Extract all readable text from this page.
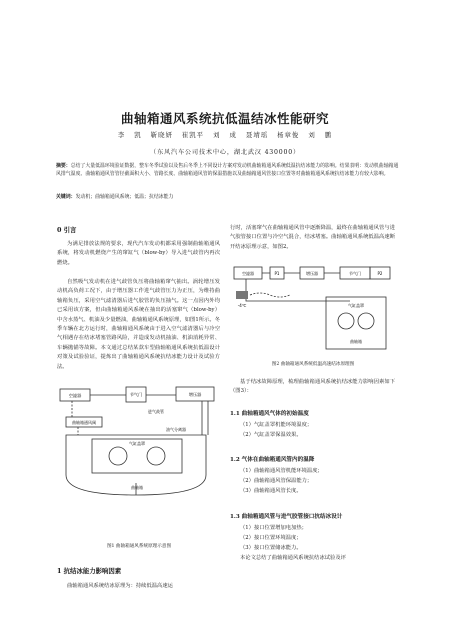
曲轴箱通风系统抗低温结冰性能研究
李 凯 靳晓妍 崔凯平 刘 成 聂靖瑶 杨章俊 刘 鹏
（东风汽车公司技术中心，湖北武汉 430000）
摘要：总结了大量低温环境验证数据，整车冬季试验以及售后冬季上不同设计方案对发动机曲轴箱通风系统低温抗结冰能力的影响。结果表明：发动机曲轴箱通风排气温度、曲轴箱通风管管径截面积大小、管路长度、曲轴箱通风管的保温措施以及曲轴箱通风管接口位置等对曲轴箱通风系统抗结冰能力有较大影响。
关键词：发动机；曲轴箱通风系统；低温；抗结冰能力
0 引言
为满足排放法规的要求，现代汽车发动机都采用强制曲轴箱通风系统，将发动机燃烧产生的窜缸气（blow-by）导入进气歧管内再次燃烧。
自然吸气发动机在进气歧管负压将曲轴箱窜气抽出。涡轮增压发动机高负荷工况下，由于增压器工作进气歧管压力为正压，为维持曲轴箱负压，采用空气滤清器后进气胶管的负压抽气。这一点因内外均已采用该方案，但由曲轴箱通风系统在抽出的活塞窜气（blow-by）中含水蒸气、机油及少量燃油，曲轴箱通风系统原理，如图1所示。冬季车辆在北方运行时，曲轴箱通风系统由于进入空气滤清器后与冷空气相遇存在结冰堵塞管路风险，并造成发动机抽油、机油消耗异常、车辆抛锚等故障。本文通过总结某款车型曲轴箱通风系统抗低温设计对策及试验验证，提炼出了曲轴箱通风系统抗结冰能力设计及试验方法。
空滤器	节气门	增压器
曲轴箱通风阀
进气歧管
油气分离器
曲轴箱
气缸盖罩
图1 曲轴箱通风系统原理示意图
1 抗结冰能力影响因素
曲轴箱通风系统结冰原理为：持续低温高速运
行时，活塞窜气在曲轴箱通风管中逐渐降温，最终在曲轴箱通风管与进气胶管接口位置与冷空气混合，结冰堵塞。曲轴箱通风系统低温高速断开结冰原理示意，如图2。
空滤器	P1	增压器	节气门	P2
曲轴箱
气缸盖罩
-4℃
图2 曲轴箱通风系统低温高速结冰原理图
基于结冰故障原理，梳理曲轴箱通风系统抗结冰能力影响因素如下（图3）：
1.1 曲轴箱通风气体的初始温度
（1）气缸盖罩机能环境温度；
（2）气缸盖罩保温效果。
1.2 气体在曲轴箱通风管内的温降
（1）曲轴箱通风管机能环境温度；
（2）曲轴箱通风管保温能力；
（3）曲轴箱通风管长度。
1.3 曲轴箱通风管与进气胶管接口抗结冰设计
（1）接口位置增加电加热；
（2）接口位置环境温度；
（3）接口位置储冰能力。
本论文总结了曲轴箱通风系统抗结冰试验及评
